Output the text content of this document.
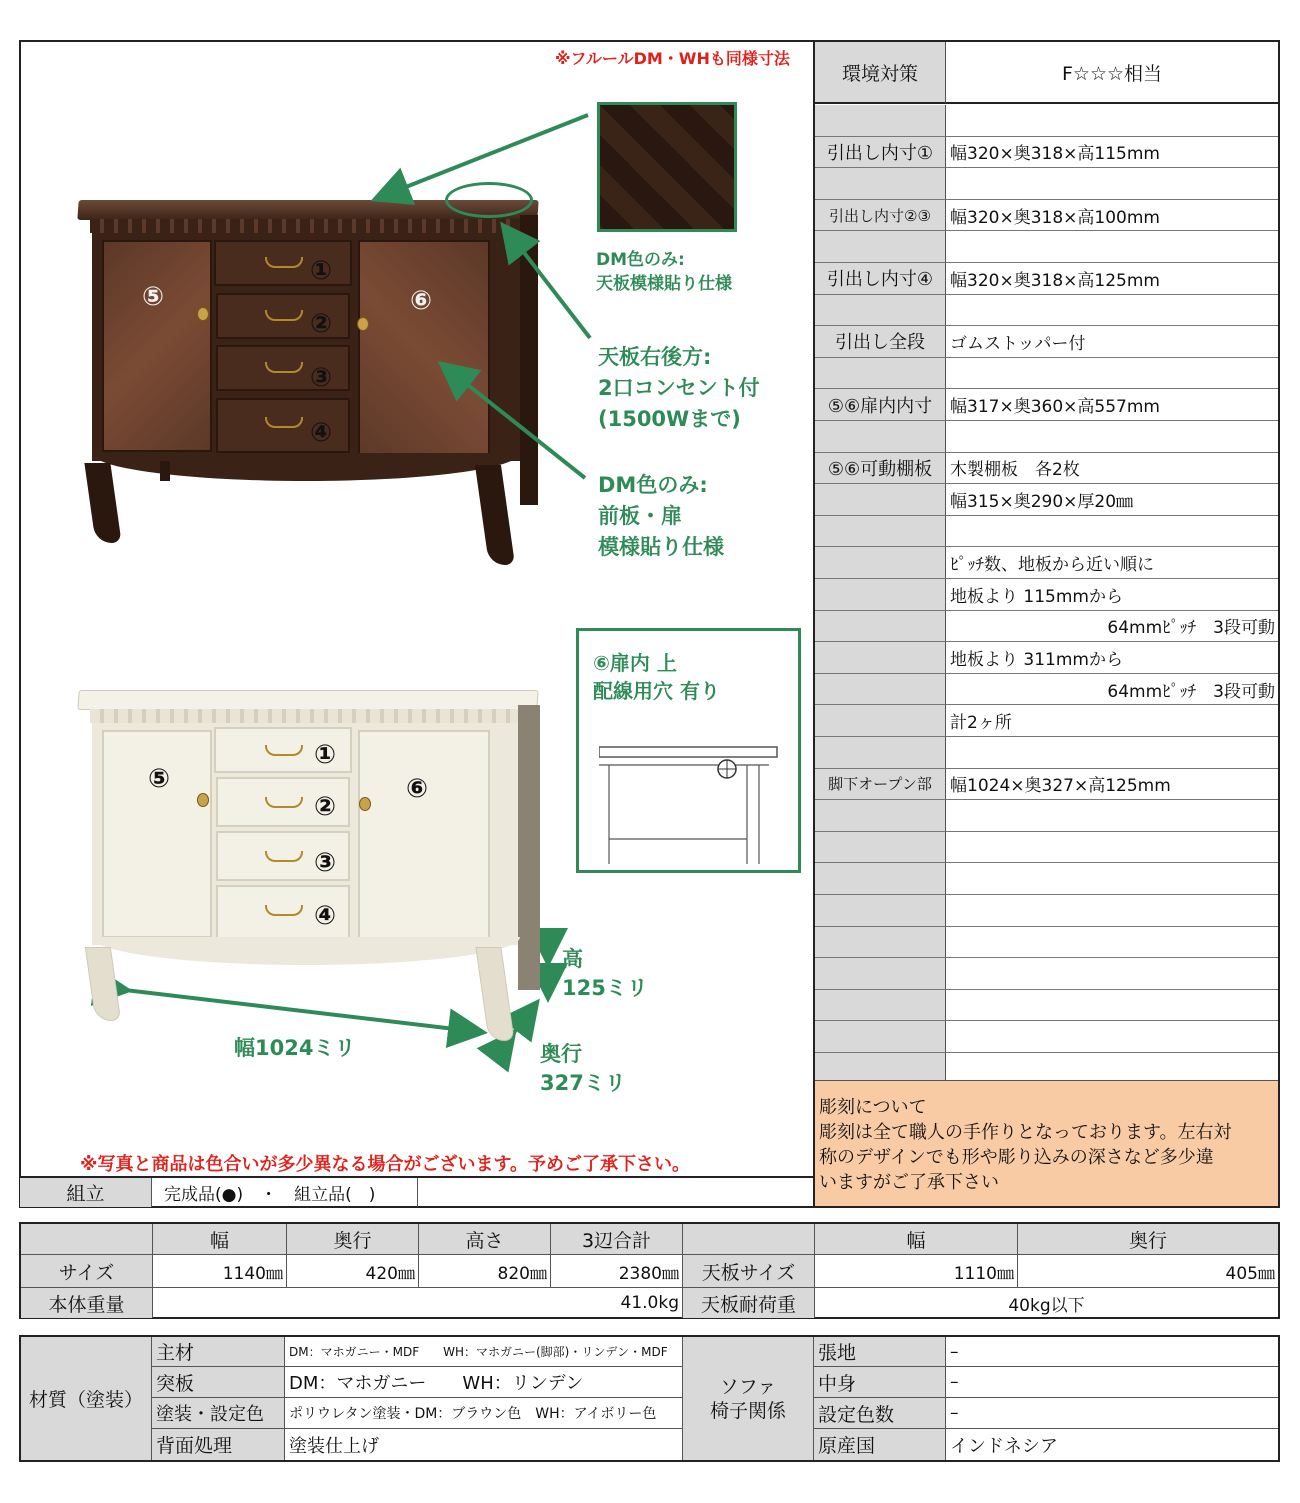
※フルールDM・WHも同様寸法
①
②
③
④
⑤	⑥
DM色のみ:
天板模様貼り仕様
天板右後方:
2口コンセント付
(1500Wまで)
DM色のみ:
前板・扉
模様貼り仕様
⑥扉内 上
配線用穴 有り
①
②
③
④
⑤	⑥
高
125ミリ
幅1024ミリ	奥行
327ミリ
※写真と商品は色合いが多少異なる場合がございます。予めご了承下さい。
組立	完成品(●)　・　組立品(　)
環境対策	F☆☆☆相当
引出し内寸① 幅320×奥318×高115mm
引出し内寸②③	幅320×奥318×高100mm
引出し内寸④ 幅320×奥318×高125mm
引出し全段	ゴムストッパー付
⑤⑥扉内内寸	幅317×奥360×高557mm
⑤⑥可動棚板	木製棚板　各2枚
幅315×奥290×厚20㎜
ﾋﾟｯﾁ数、地板から近い順に
地板より 115mmから
64mmﾋﾟｯﾁ　3段可動
地板より 311mmから
64mmﾋﾟｯﾁ　3段可動
計2ヶ所
脚下オープン部	幅1024×奥327×高125mm
彫刻について
彫刻は全て職人の手作りとなっております。左右対
称のデザインでも形や彫り込みの深さなど多少違
いますがご了承下さい
幅	奥行	高さ	3辺合計	幅	奥行
サイズ	1140㎜	420㎜	820㎜	2380㎜	天板サイズ	1110㎜	405㎜
本体重量	41.0kg	天板耐荷重	40kg以下
材質（塗装）
主材	DM：マホガニー・MDF　　WH：マホガニー(脚部)・リンデン・MDF
突板	DM：マホガニー　　WH：リンデン
塗装・設定色	ポリウレタン塗装・DM：ブラウン色　WH：アイボリー色
背面処理	塗装仕上げ
ソファ
椅子関係
張地	–
中身	–
設定色数	–
原産国	インドネシア
